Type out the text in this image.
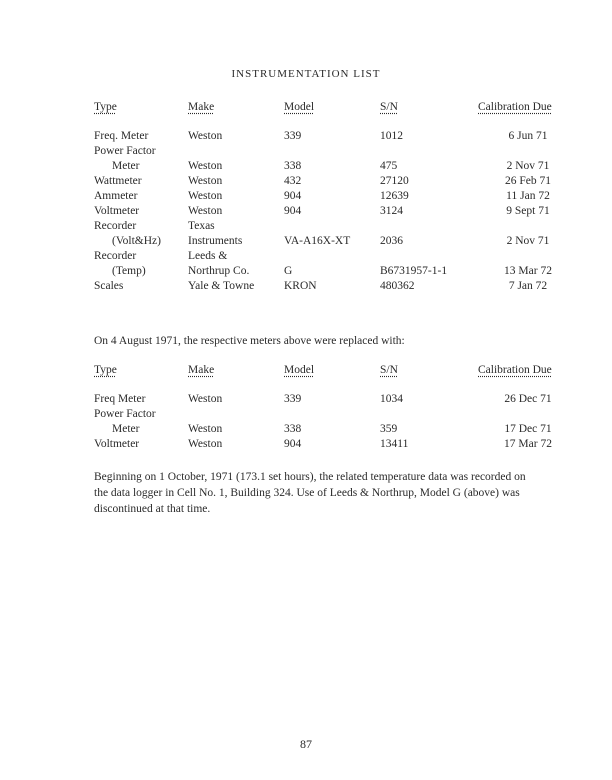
INSTRUMENTATION LIST
Type	Make	Model	S/N	Calibration Due

Freq. Meter	Weston	339	1012	6 Jun 71
Power Factor				
Meter	Weston	338	475	2 Nov 71
Wattmeter	Weston	432	27120	26 Feb 71
Ammeter	Weston	904	12639	11 Jan 72
Voltmeter	Weston	904	3124	9 Sept 71
Recorder	Texas			
(Volt&Hz)	Instruments	VA-A16X-XT	2036	2 Nov 71
Recorder	Leeds &			
(Temp)	Northrup Co.	G	B6731957-1-1	13 Mar 72
Scales	Yale & Towne	KRON	480362	7 Jan 72
On 4 August 1971, the respective meters above were replaced with:
Type	Make	Model	S/N	Calibration Due

Freq Meter	Weston	339	1034	26 Dec 71
Power Factor				
Meter	Weston	338	359	17 Dec 71
Voltmeter	Weston	904	13411	17 Mar 72
Beginning on 1 October, 1971 (173.1 set hours), the related temperature data was recorded on the data logger in Cell No. 1, Building 324. Use of Leeds & Northrup, Model G (above) was discontinued at that time.
87
